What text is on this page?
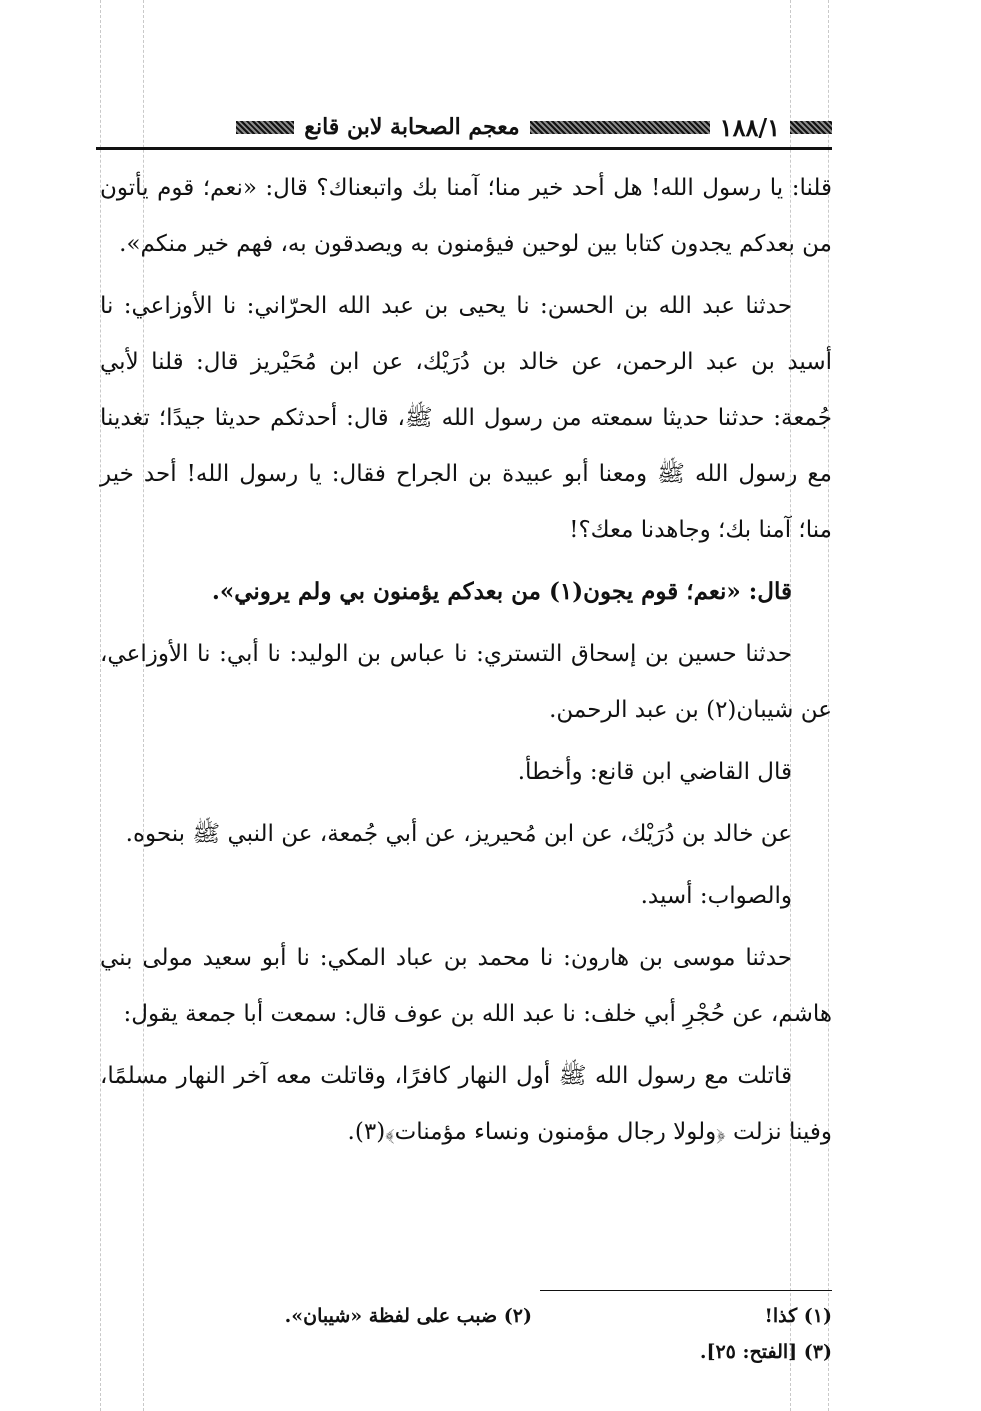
١٨٨/١
معجم الصحابة لابن قانع

قلنا: يا رسول الله! هل أحد خير منا؛ آمنا بك واتبعناك؟ قال: «نعم؛ قوم يأتون من بعدكم يجدون كتابا بين لوحين فيؤمنون به ويصدقون به، فهم خير منكم».

حدثنا عبد الله بن الحسن: نا يحيى بن عبد الله الحرّاني: نا الأوزاعي: نا أسيد بن عبد الرحمن، عن خالد بن دُرَيْك، عن ابن مُحَيْريز قال: قلنا لأبي جُمعة: حدثنا حديثا سمعته من رسول الله ﷺ، قال: أحدثكم حديثا جيدًا؛ تغدينا مع رسول الله ﷺ ومعنا أبو عبيدة بن الجراح فقال: يا رسول الله! أحد خير منا؛ آمنا بك؛ وجاهدنا معك؟!

قال: «نعم؛ قوم يجون(١) من بعدكم يؤمنون بي ولم يروني».

حدثنا حسين بن إسحاق التستري: نا عباس بن الوليد: نا أبي: نا الأوزاعي، عن شيبان(٢) بن عبد الرحمن.

قال القاضي ابن قانع: وأخطأ.

عن خالد بن دُرَيْك، عن ابن مُحيريز، عن أبي جُمعة، عن النبي ﷺ بنحوه.

والصواب: أسيد.

حدثنا موسى بن هارون: نا محمد بن عباد المكي: نا أبو سعيد مولى بني هاشم، عن حُجْرِ أبي خلف: نا عبد الله بن عوف قال: سمعت أبا جمعة يقول:

قاتلت مع رسول الله ﷺ أول النهار كافرًا، وقاتلت معه آخر النهار مسلمًا، وفينا نزلت ﴿ولولا رجال مؤمنون ونساء مؤمنات﴾(٣).

(١) كذا!
(٢) ضبب على لفظة «شيبان».
(٣) [الفتح: ٢٥].
